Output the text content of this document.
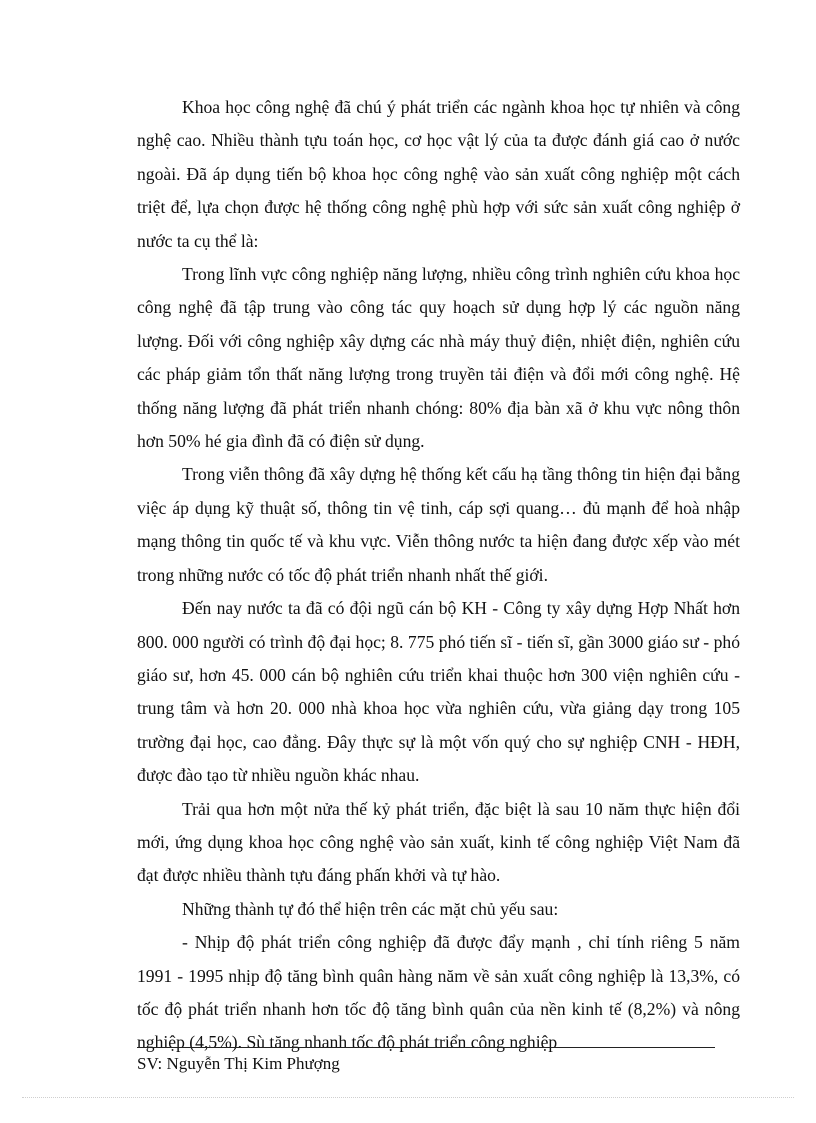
Khoa học công nghệ đã chú ý phát triển các ngành khoa học tự nhiên và công nghệ cao. Nhiều thành tựu toán học, cơ học vật lý của ta được đánh giá cao ở nước ngoài. Đã áp dụng tiến bộ khoa học công nghệ vào sản xuất công nghiệp một cách triệt để, lựa chọn được hệ thống công nghệ phù hợp với sức sản xuất công nghiệp ở nước ta cụ thể là:

Trong lĩnh vực công nghiệp năng lượng, nhiều công trình nghiên cứu khoa học công nghệ đã tập trung vào công tác quy hoạch sử dụng hợp lý các nguồn năng lượng. Đối với công nghiệp xây dựng các nhà máy thuỷ điện, nhiệt điện, nghiên cứu các pháp giảm tổn thất năng lượng trong truyền tải điện và đổi mới công nghệ. Hệ thống năng lượng đã phát triển nhanh chóng: 80% địa bàn xã ở khu vực nông thôn hơn 50% hé gia đình đã có điện sử dụng.

Trong viễn thông đã xây dựng hệ thống kết cấu hạ tầng thông tin hiện đại bằng việc áp dụng kỹ thuật số, thông tin vệ tinh, cáp sợi quang… đủ mạnh để hoà nhập mạng thông tin quốc tế và khu vực. Viễn thông nước ta hiện đang được xếp vào mét trong những nước có tốc độ phát triển nhanh nhất thế giới.

Đến nay nước ta đã có đội ngũ cán bộ KH - Công ty xây dựng Hợp Nhất hơn 800. 000 người có trình độ đại học; 8. 775 phó tiến sĩ - tiến sĩ, gần 3000 giáo sư - phó giáo sư, hơn 45. 000 cán bộ nghiên cứu triển khai thuộc hơn 300 viện nghiên cứu - trung tâm và hơn 20. 000 nhà khoa học vừa nghiên cứu, vừa giảng dạy trong 105 trường đại học, cao đẳng. Đây thực sự là một vốn quý cho sự nghiệp CNH - HĐH, được đào tạo từ nhiều nguồn khác nhau.

Trải qua hơn một nửa thế kỷ phát triển, đặc biệt là sau 10 năm thực hiện đổi mới, ứng dụng khoa học công nghệ vào sản xuất, kinh tế công nghiệp Việt Nam đã đạt được nhiều thành tựu đáng phấn khởi và tự hào.

Những thành tự đó thể hiện trên các mặt chủ yếu sau:

- Nhịp độ phát triển công nghiệp đã được đẩy mạnh , chỉ tính riêng 5 năm 1991 - 1995 nhịp độ tăng bình quân hàng năm về sản xuất công nghiệp là 13,3%, có tốc độ phát triển nhanh hơn tốc độ tăng bình quân của nền kinh tế (8,2%) và nông nghiệp (4,5%). Sù tăng nhanh tốc độ phát triển công nghiệp

SV: Nguyễn Thị Kim Phượng
